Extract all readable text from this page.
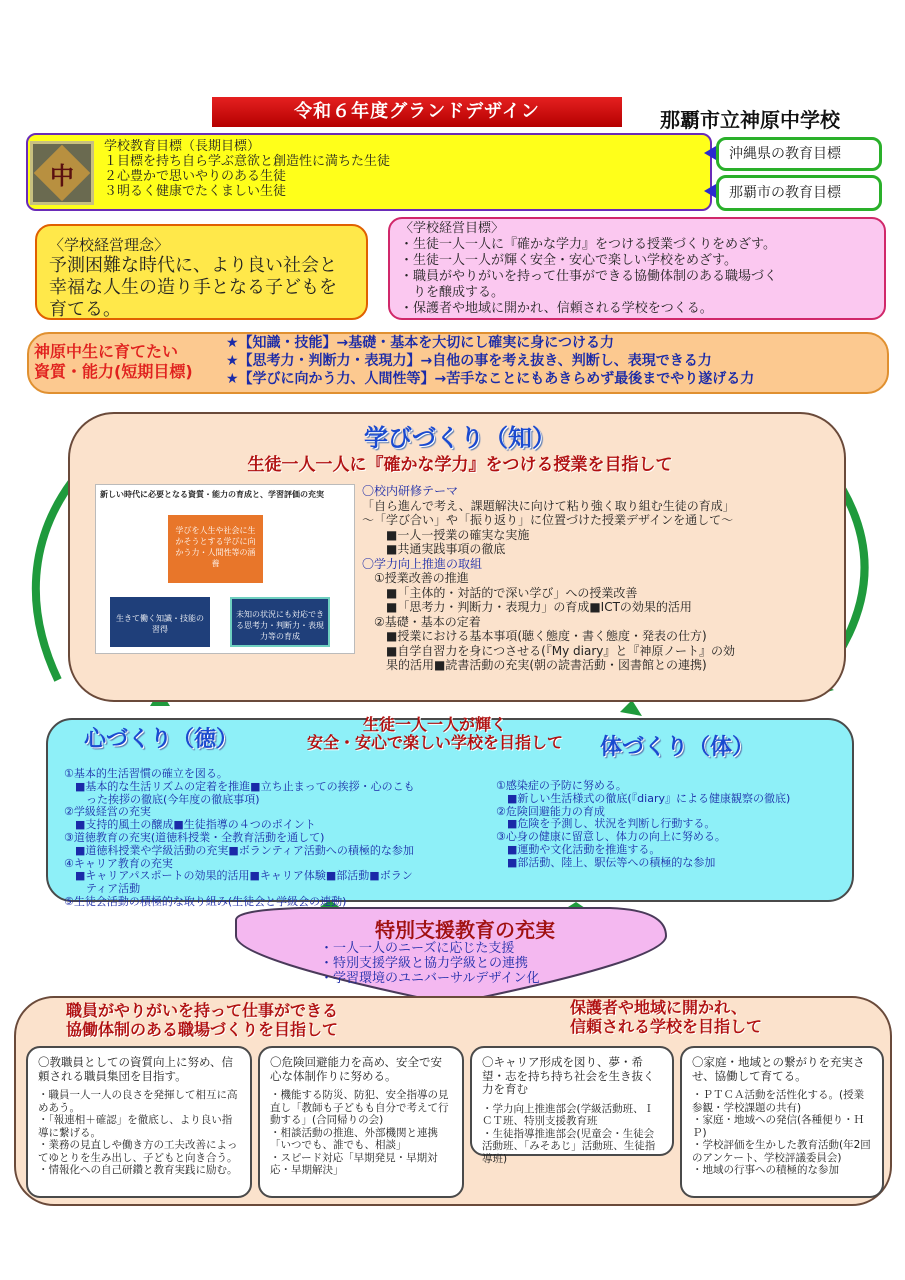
令和６年度グランドデザイン	那覇市立神原中学校
中
学校教育目標（長期目標）
１目標を持ち自ら学ぶ意欲と創造性に満ちた生徒
２心豊かで思いやりのある生徒
３明るく健康でたくましい生徒
沖縄県の教育目標
那覇市の教育目標
〈学校経営理念〉
予測困難な時代に、より良い社会と幸福な人生の造り手となる子どもを育てる。
〈学校経営目標〉
・生徒一人一人に『確かな学力』をつける授業づくりをめざす。
・生徒一人一人が輝く安全・安心で楽しい学校をめざす。
・職員がやりがいを持って仕事ができる協働体制のある職場づく
　りを醸成する。
・保護者や地域に開かれ、信頼される学校をつくる。
神原中生に育てたい
資質・能力(短期目標)
★【知識・技能】→基礎・基本を大切にし確実に身につける力
★【思考力・判断力・表現力】→自他の事を考え抜き、判断し、表現できる力
★【学びに向かう力、人間性等】→苦手なことにもあきらめず最後までやり遂げる力
学びづくり（知）
生徒一人一人に『確かな学力』をつける授業を目指して
新しい時代に必要となる資質・能力の育成と、学習評価の充実
学びを人生や社会に生かそうとする学びに向かう力・人間性等の涵養
生きて働く知識・技能の習得
未知の状況にも対応できる思考力・判断力・表現力等の育成
〇校内研修テーマ
「自ら進んで考え、課題解決に向けて粘り強く取り組む生徒の育成」
～「学び合い」や「振り返り」に位置づけた授業デザインを通して～
　　■一人一授業の確実な実施
　　■共通実践事項の徹底
〇学力向上推進の取組
　①授業改善の推進
　　■「主体的・対話的で深い学び」への授業改善
　　■「思考力・判断力・表現力」の育成■ICTの効果的活用
　②基礎・基本の定着
　　■授業における基本事項(聴く態度・書く態度・発表の仕方)
　　■自学自習力を身につさせる(『My diary』と『神原ノート』の効
　　果的活用■読書活動の充実(朝の読書活動・図書館との連携)
心づくり（徳）
生徒一人一人が輝く
安全・安心で楽しい学校を目指して	体づくり（体）
①基本的生活習慣の確立を図る。
　■基本的な生活リズムの定着を推進■立ち止まっての挨拶・心のこも
　　った挨拶の徹底(今年度の徹底事項)
②学級経営の充実
　■支持的風土の醸成■生徒指導の４つのポイント
③道徳教育の充実(道徳科授業・全教育活動を通して)
　■道徳科授業や学級活動の充実■ボランティア活動への積極的な参加
④キャリア教育の充実
　■キャリアパスポートの効果的活用■キャリア体験■部活動■ボラン
　　ティア活動
⑤生徒会活動の積極的な取り組み(生徒会と学級会の連動)
①感染症の予防に努める。
　■新しい生活様式の徹底(『diary』による健康観察の徹底)
②危険回避能力の育成
　■危険を予測し、状況を判断し行動する。
③心身の健康に留意し、体力の向上に努める。
　■運動や文化活動を推進する。
　■部活動、陸上、駅伝等への積極的な参加
特別支援教育の充実
・一人一人のニーズに応じた支援
・特別支援学級と協力学級との連携
・学習環境のユニバーサルデザイン化
職員がやりがいを持って仕事ができる
協働体制のある職場づくりを目指して
保護者や地域に開かれ、
信頼される学校を目指して
〇教職員としての資質向上に努め、信頼される職員集団を目指す。
・職員一人一人の良さを発揮して相互に高めあう。
・「報連相＋確認」を徹底し、より良い指導に繋げる。
・業務の見直しや働き方の工夫改善によってゆとりを生み出し、子どもと向き合う。
・情報化への自己研鑽と教育実践に励む。
〇危険回避能力を高め、安全で安心な体制作りに努める。
・機能する防災、防犯、安全指導の見直し「教師も子どもも自分で考えて行動する」(合同帰りの会)
・相談活動の推進、外部機関と連携「いつでも、誰でも、相談」
・スピード対応「早期発見・早期対応・早期解決」
〇キャリア形成を図り、夢・希望・志を持ち持ち社会を生き抜く力を育む
・学力向上推進部会(学級活動班、ＩＣＴ班、特別支援教育班
・生徒指導推進部会(児童会・生徒会活動班、「みそあじ」活動班、生徒指導班)
〇家庭・地域との繋がりを充実させ、協働して育てる。
・ＰＴＣＡ活動を活性化する。(授業参観・学校課題の共有)
・家庭・地域への発信(各種便り・ＨＰ)
・学校評価を生かした教育活動(年2回のアンケート、学校評議委員会)
・地域の行事への積極的な参加
